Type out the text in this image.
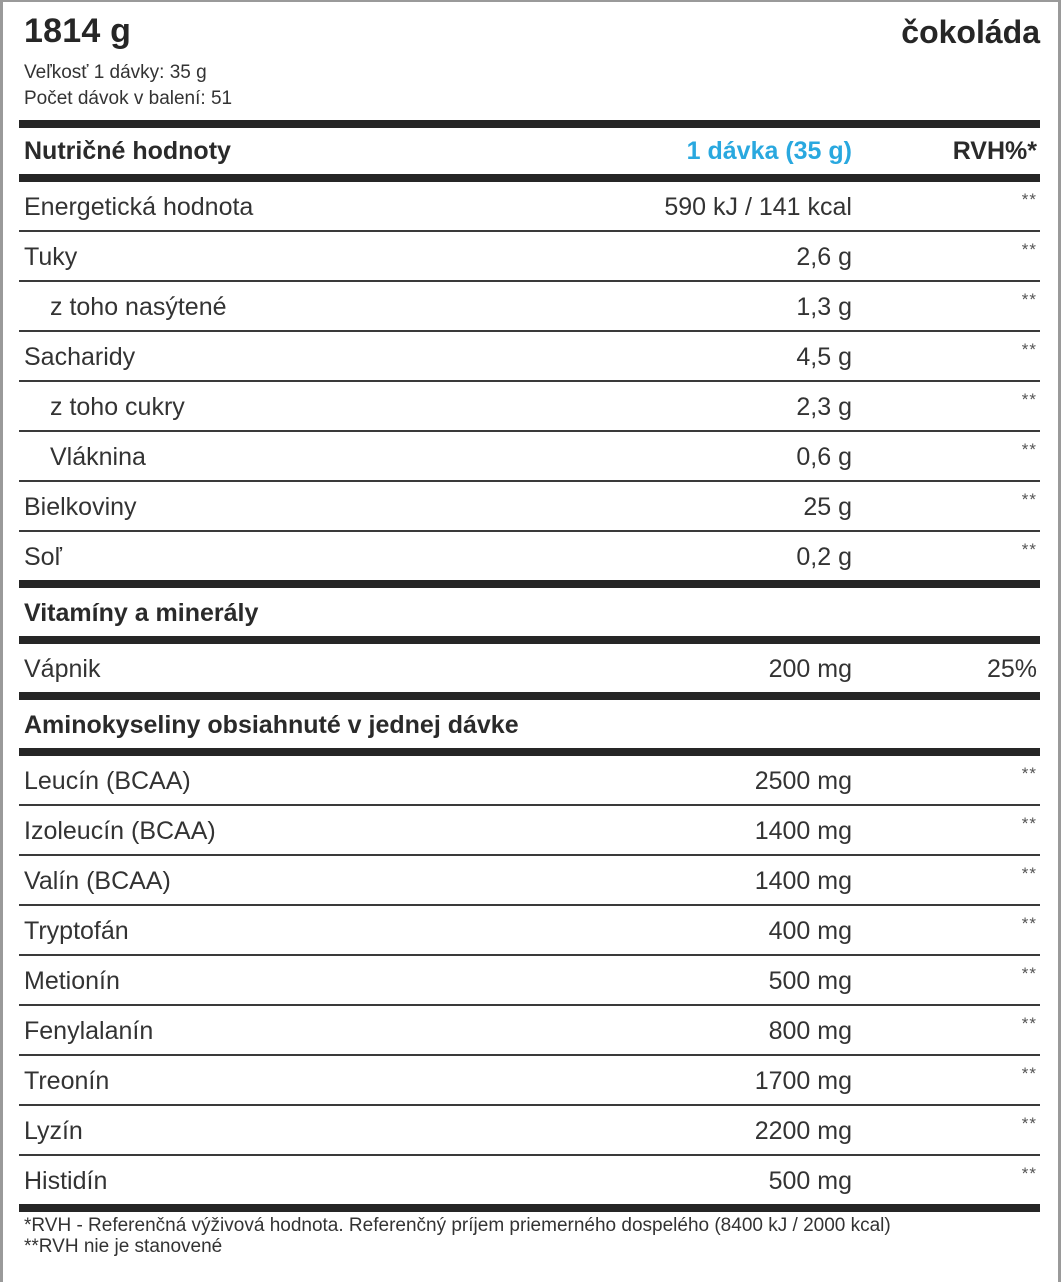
1814 g	čokoláda
Veľkosť 1 dávky: 35 g
Počet dávok v balení: 51
Nutričné hodnoty	1 dávka (35 g)	RVH%*
Energetická hodnota	590 kJ / 141 kcal	**
Tuky	2,6 g	**
z toho nasýtené	1,3 g	**
Sacharidy	4,5 g	**
z toho cukry	2,3 g	**
Vláknina	0,6 g	**
Bielkoviny	25 g	**
Soľ	0,2 g	**
Vitamíny a minerály
Vápnik	200 mg	25%
Aminokyseliny obsiahnuté v jednej dávke
Leucín (BCAA)	2500 mg	**
Izoleucín (BCAA)	1400 mg	**
Valín (BCAA)	1400 mg	**
Tryptofán	400 mg	**
Metionín	500 mg	**
Fenylalanín	800 mg	**
Treonín	1700 mg	**
Lyzín	2200 mg	**
Histidín	500 mg	**
*RVH - Referenčná výživová hodnota. Referenčný príjem priemerného dospelého (8400 kJ / 2000 kcal)
**RVH nie je stanovené
